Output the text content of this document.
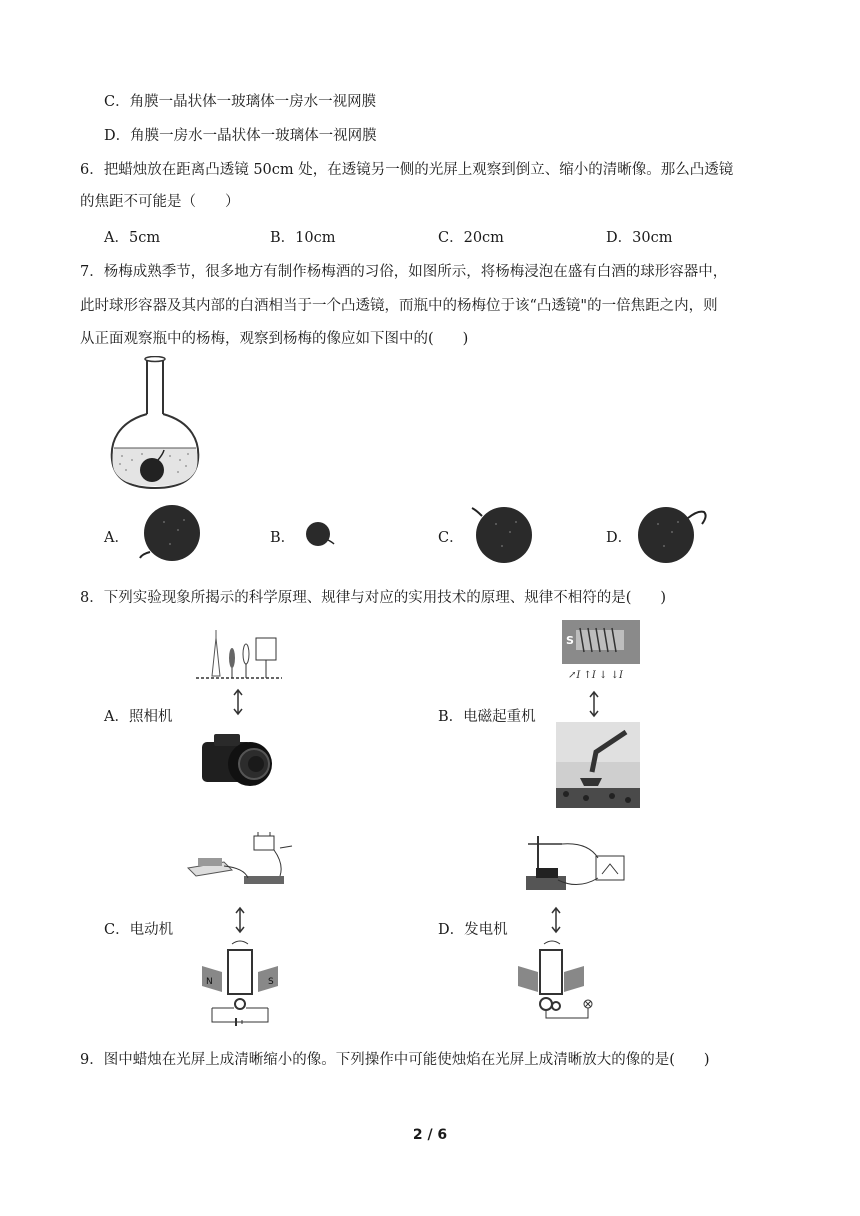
C．角膜一晶状体一玻璃体一房水一视网膜
D．角膜一房水一晶状体一玻璃体一视网膜
6．把蜡烛放在距离凸透镜 50cm 处，在透镜另一侧的光屏上观察到倒立、缩小的清晰像。那么凸透镜
的焦距不可能是（　　）
A．5cm	B．10cm	C．20cm	D．30cm
7．杨梅成熟季节，很多地方有制作杨梅酒的习俗，如图所示，将杨梅浸泡在盛有白酒的球形容器中，
此时球形容器及其内部的白酒相当于一个凸透镜，而瓶中的杨梅位于该“凸透镜"的一倍焦距之内，则
从正面观察瓶中的杨梅，观察到杨梅的像应如下图中的(　　)
A．	B．	C．	D．
8．下列实验现象所揭示的科学原理、规律与对应的实用技术的原理、规律不相符的是(　　)
A．照相机
S
↗I ↑I ↓ ↓I
B．电磁起重机
C．电动机
N	S
D．发电机
9．图中蜡烛在光屏上成清晰缩小的像。下列操作中可能使烛焰在光屏上成清晰放大的像的是(　　)
2 / 6
